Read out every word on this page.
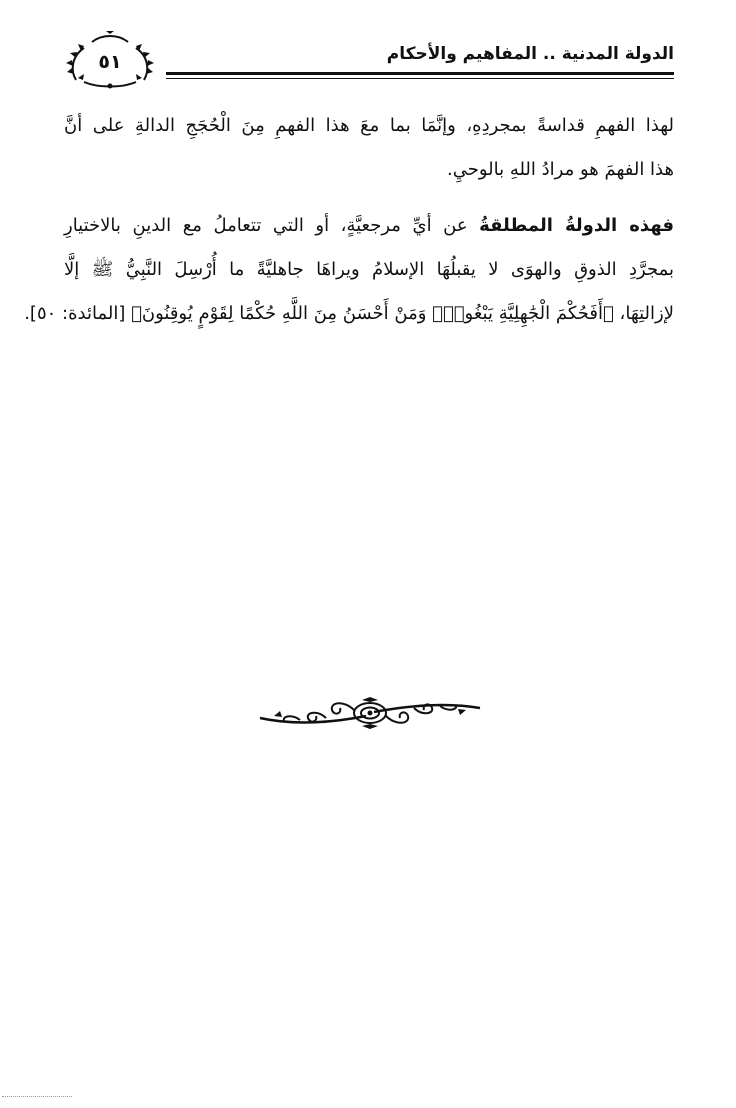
٥١	الدولة المدنية .. المفاهيم والأحكام
لهذا الفهمِ قداسةً بمجردِهِ، وإنَّمَا بما معَ هذا الفهمِ مِنَ الْحُجَجِ الدالةِ على أنَّ
هذا الفهمَ هو مرادُ اللهِ بالوحيِ.
فهذه الدولةُ المطلقةُ عن أيِّ مرجعيَّةٍ، أو التي تتعاملُ مع الدينِ بالاختيارِ
بمجرَّدِ الذوقِ والهوَى لا يقبلُهَا الإسلامُ ويراهَا جاهليَّةً ما أُرْسِلَ النَّبِيُّ ﷺ إلَّا
لإزالتِهَا، ﴿أَفَحُكْمَ الْجَٰهِلِيَّةِ يَبْغُونَۚ وَمَنْ أَحْسَنُ مِنَ اللَّهِ حُكْمًا لِقَوْمٍ يُوقِنُونَ﴾ [المائدة: ٥٠].
